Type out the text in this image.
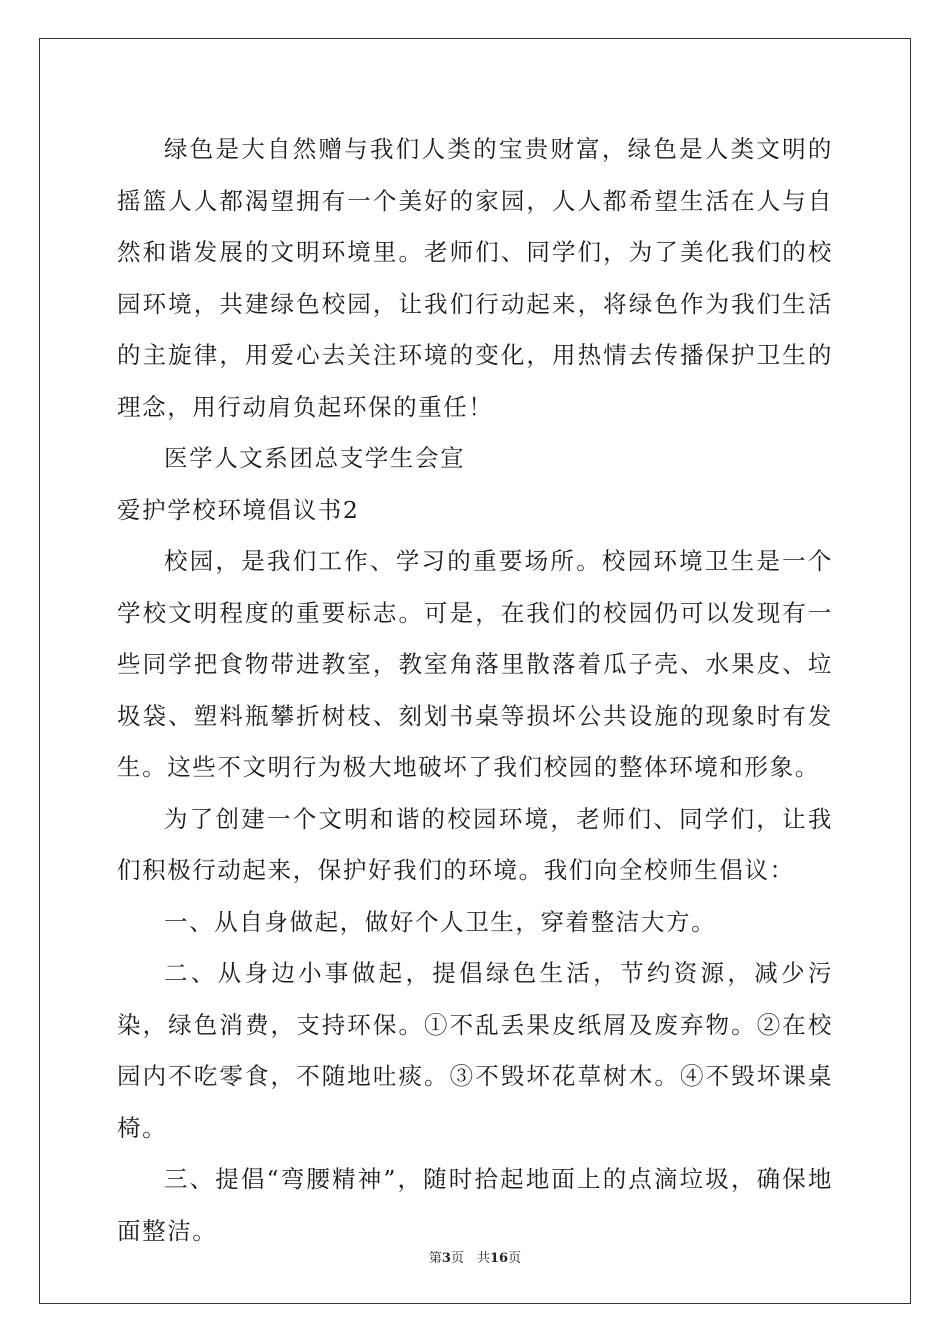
绿色是大自然赠与我们人类的宝贵财富，绿色是人类文明的摇篮人人都渴望拥有一个美好的家园，人人都希望生活在人与自然和谐发展的文明环境里。老师们、同学们，为了美化我们的校园环境，共建绿色校园，让我们行动起来，将绿色作为我们生活的主旋律，用爱心去关注环境的变化，用热情去传播保护卫生的理念，用行动肩负起环保的重任！

医学人文系团总支学生会宣

爱护学校环境倡议书2

校园，是我们工作、学习的重要场所。校园环境卫生是一个学校文明程度的重要标志。可是，在我们的校园仍可以发现有一些同学把食物带进教室，教室角落里散落着瓜子壳、水果皮、垃圾袋、塑料瓶攀折树枝、刻划书桌等损坏公共设施的现象时有发生。这些不文明行为极大地破坏了我们校园的整体环境和形象。

为了创建一个文明和谐的校园环境，老师们、同学们，让我们积极行动起来，保护好我们的环境。我们向全校师生倡议：

一、从自身做起，做好个人卫生，穿着整洁大方。

二、从身边小事做起，提倡绿色生活，节约资源，减少污染，绿色消费，支持环保。①不乱丢果皮纸屑及废弃物。②在校园内不吃零食，不随地吐痰。③不毁坏花草树木。④不毁坏课桌椅。

三、提倡“弯腰精神”，随时拾起地面上的点滴垃圾，确保地面整洁。

第3页　共16页
